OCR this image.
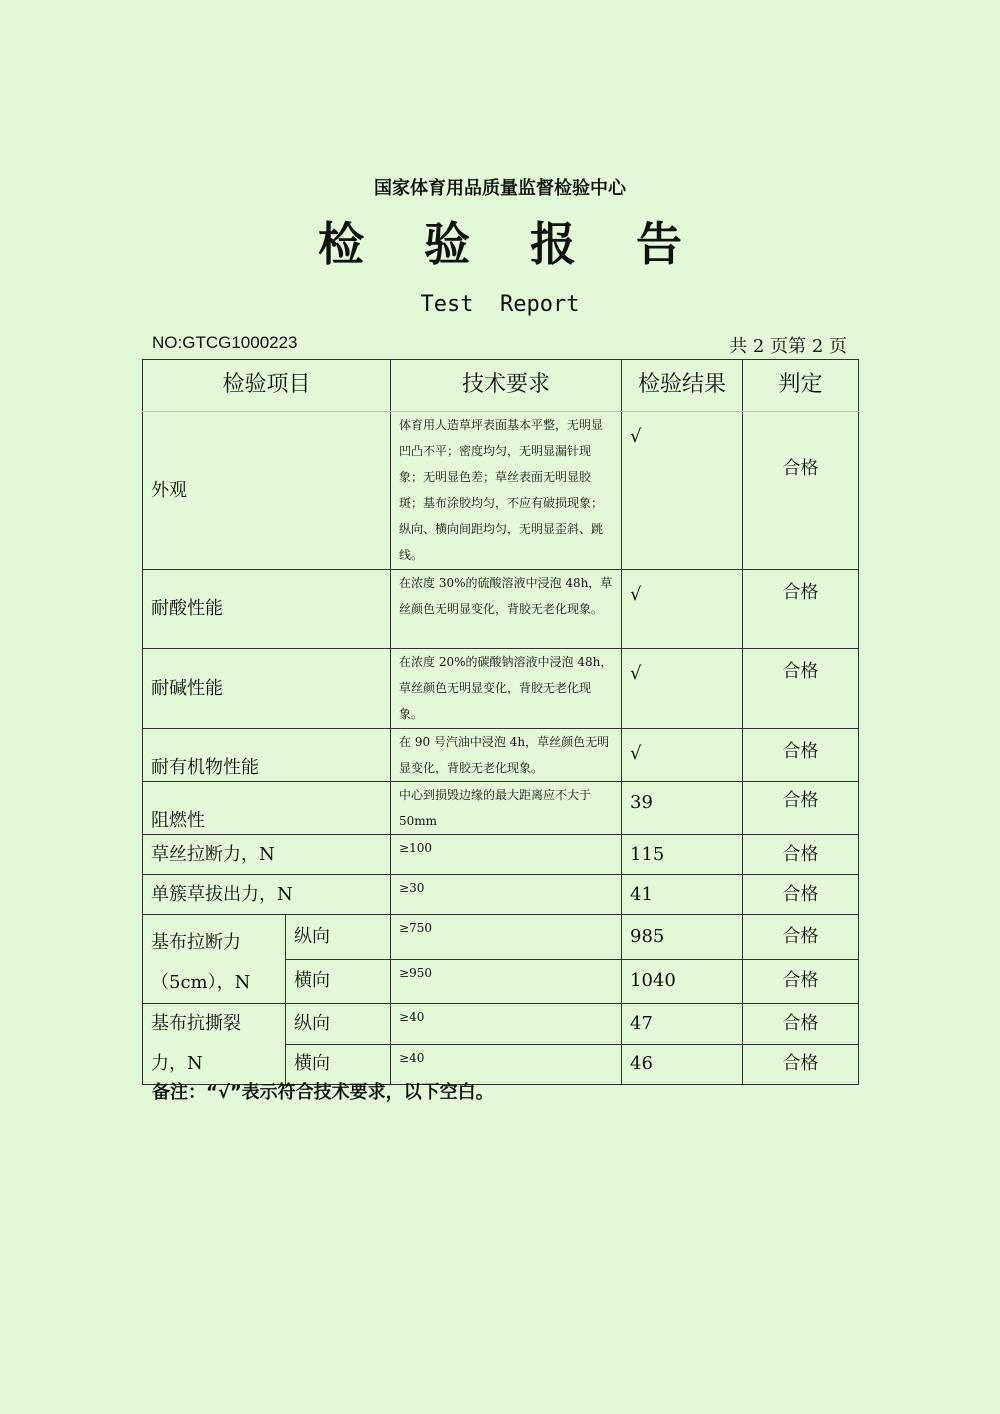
国家体育用品质量监督检验中心
检 验 报 告
Test  Report
NO:GTCG1000223	共 2 页第 2 页
检验项目		技术要求	检验结果	判定
外观		体育用人造草坪表面基本平整，无明显凹凸不平；密度均匀，无明显漏针现象；无明显色差；草丝表面无明显胶斑；基布涂胶均匀，不应有破损现象；纵向、横向间距均匀，无明显歪斜、跳线。	√	合格
耐酸性能		在浓度 30%的硫酸溶液中浸泡 48h，草丝颜色无明显变化，背胶无老化现象。	√	合格
耐碱性能		在浓度 20%的碳酸钠溶液中浸泡 48h，草丝颜色无明显变化，背胶无老化现象。	√	合格
耐有机物性能		在 90 号汽油中浸泡 4h，草丝颜色无明显变化，背胶无老化现象。	√	合格
阻燃性		中心到损毁边缘的最大距离应不大于 50mm	39	合格
草丝拉断力，N		≥100	115	合格
单簇草拔出力，N		≥30	41	合格

基布拉断力
（5cm），N	纵向	≥750	985	合格
	横向	≥950	1040	合格

基布抗撕裂
力，N	纵向	≥40	47	合格
	横向	≥40	46	合格
备注：“√”表示符合技术要求，以下空白。
